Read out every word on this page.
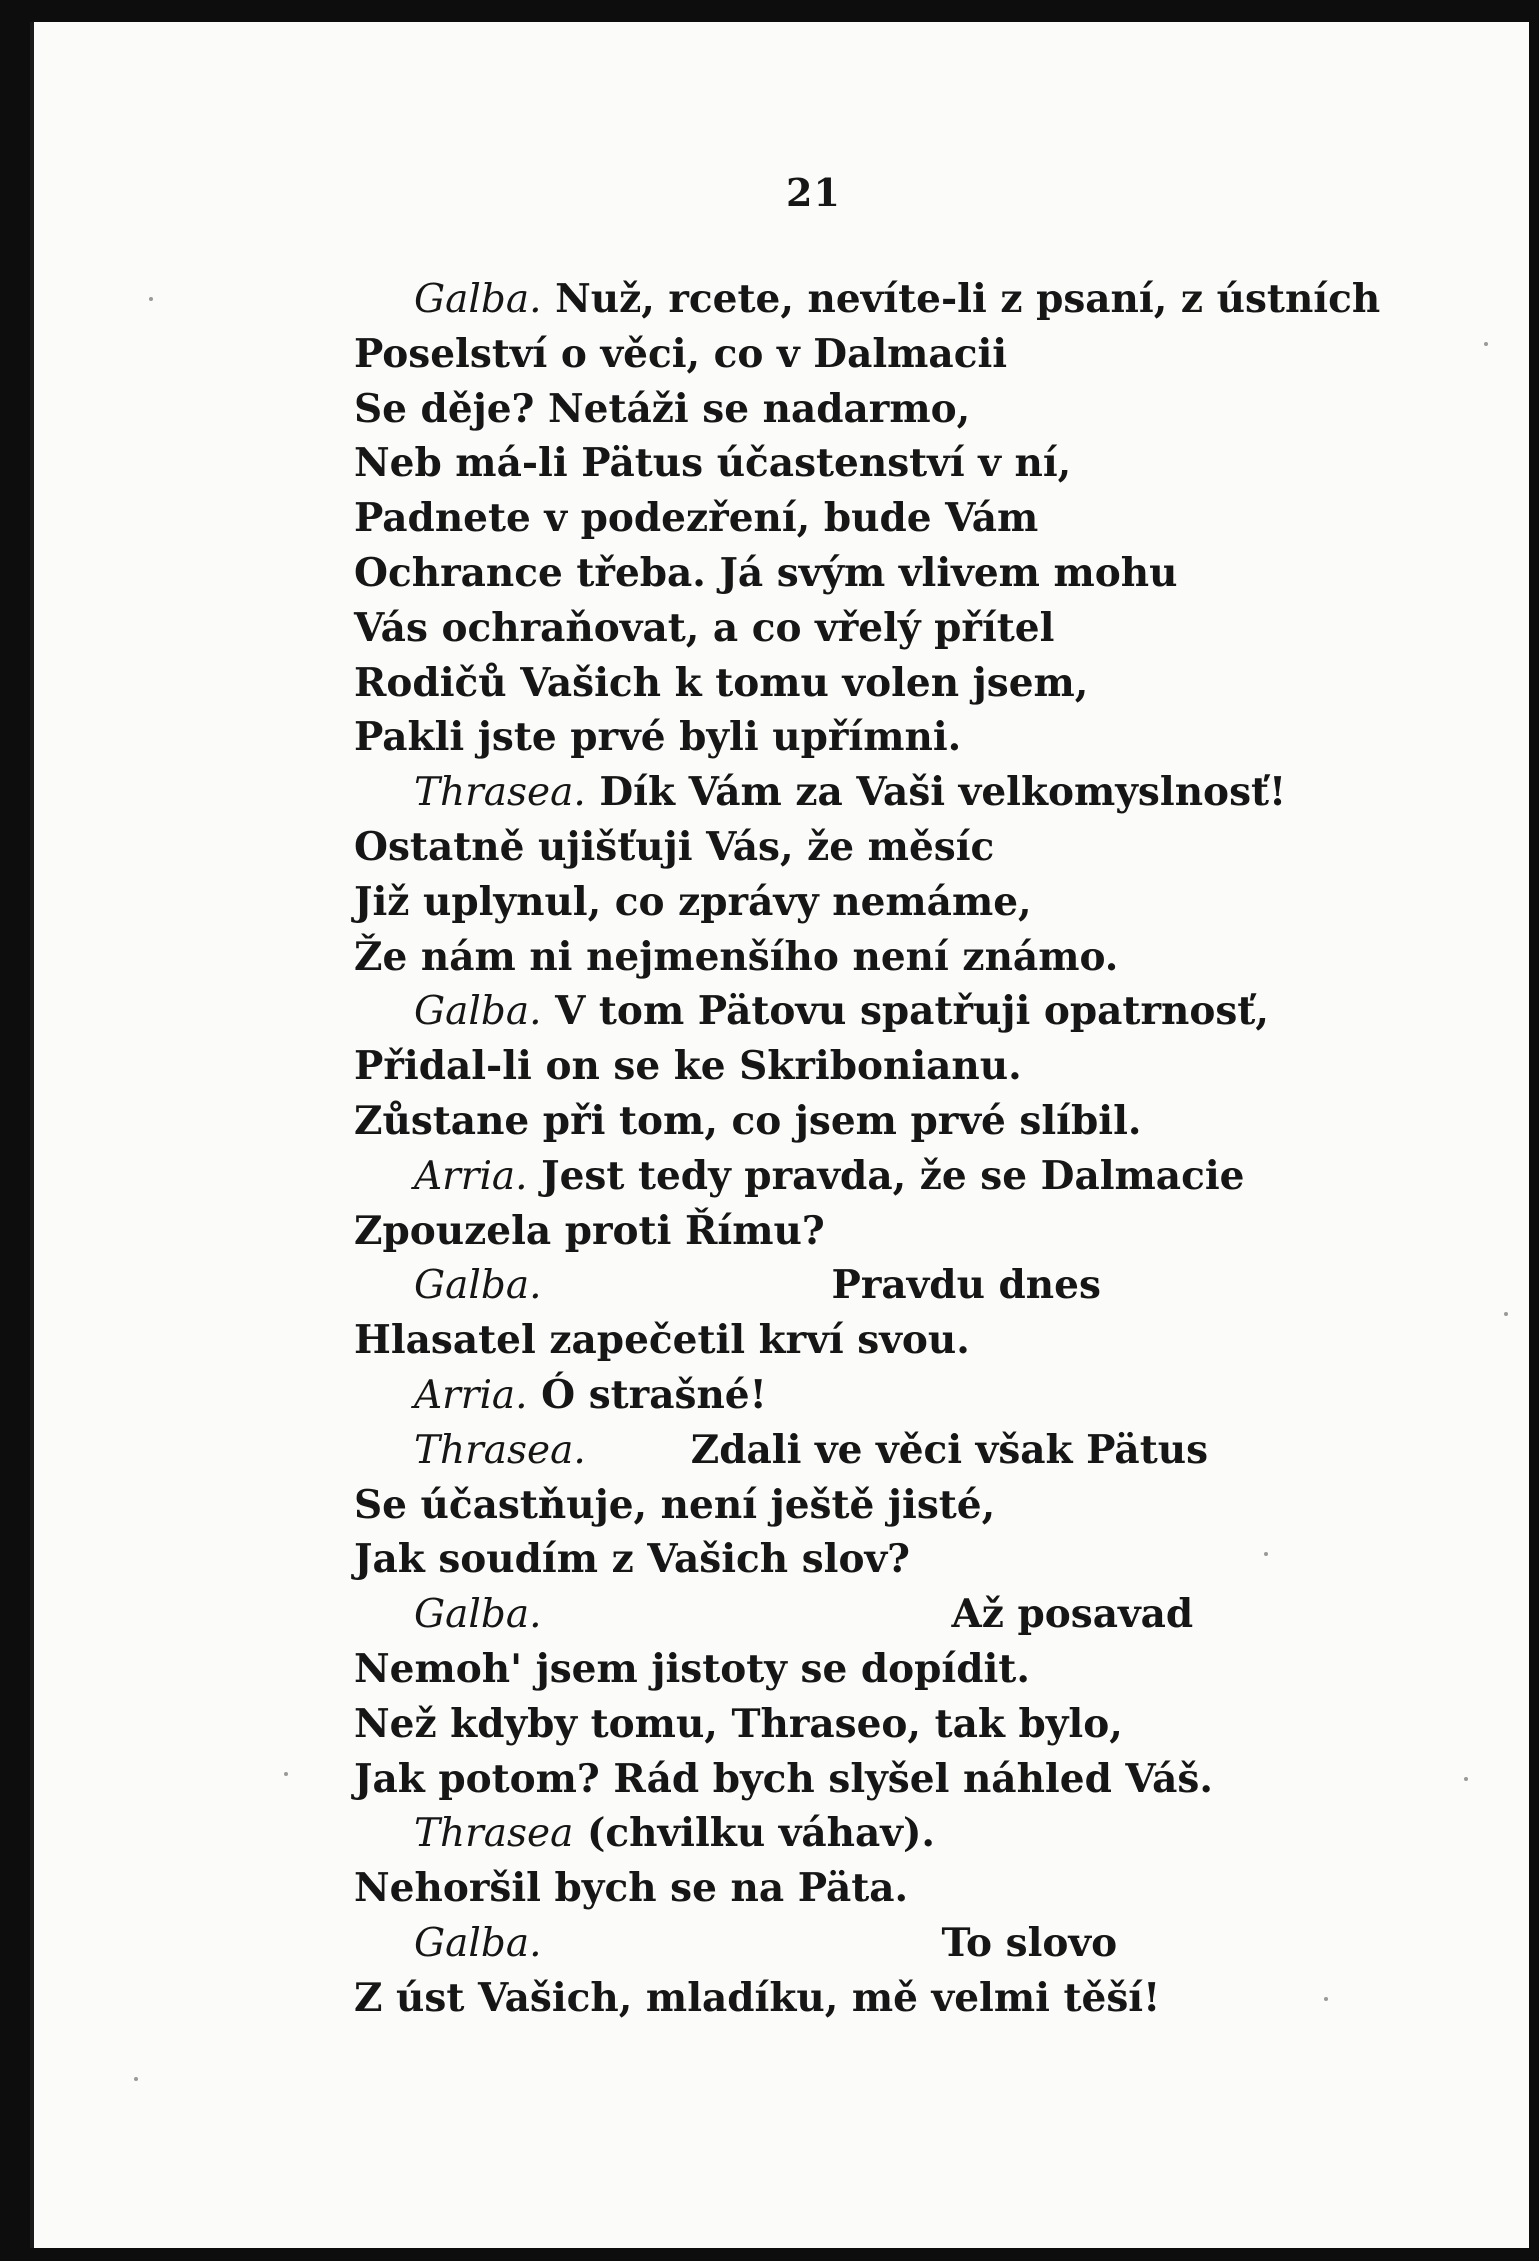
21
Galba. Nuž, rcete, nevíte-li z psaní, z ústních
Poselství o věci, co v Dalmacii
Se děje? Netáži se nadarmo,
Neb má-li Pätus účastenství v ní,
Padnete v podezření, bude Vám
Ochrance třeba. Já svým vlivem mohu
Vás ochraňovat, a co vřelý přítel
Rodičů Vašich k tomu volen jsem,
Pakli jste prvé byli upřímni.
Thrasea. Dík Vám za Vaši velkomyslnosť!
Ostatně ujišťuji Vás, že měsíc
Již uplynul, co zprávy nemáme,
Že nám ni nejmenšího není známo.
Galba. V tom Pätovu spatřuji opatrnosť,
Přidal-li on se ke Skribonianu.
Zůstane při tom, co jsem prvé slíbil.
Arria. Jest tedy pravda, že se Dalmacie
Zpouzela proti Římu?
Galba.	Pravdu dnes
Hlasatel zapečetil krví svou.
Arria. Ó strašné!
Thrasea.	Zdali ve věci však Pätus
Se účastňuje, není ještě jisté,
Jak soudím z Vašich slov?
Galba.	Až posavad
Nemoh' jsem jistoty se dopídit.
Než kdyby tomu, Thraseo, tak bylo,
Jak potom? Rád bych slyšel náhled Váš.
Thrasea (chvilku váhav).
Nehoršil bych se na Päta.
Galba.	To slovo
Z úst Vašich, mladíku, mě velmi těší!
